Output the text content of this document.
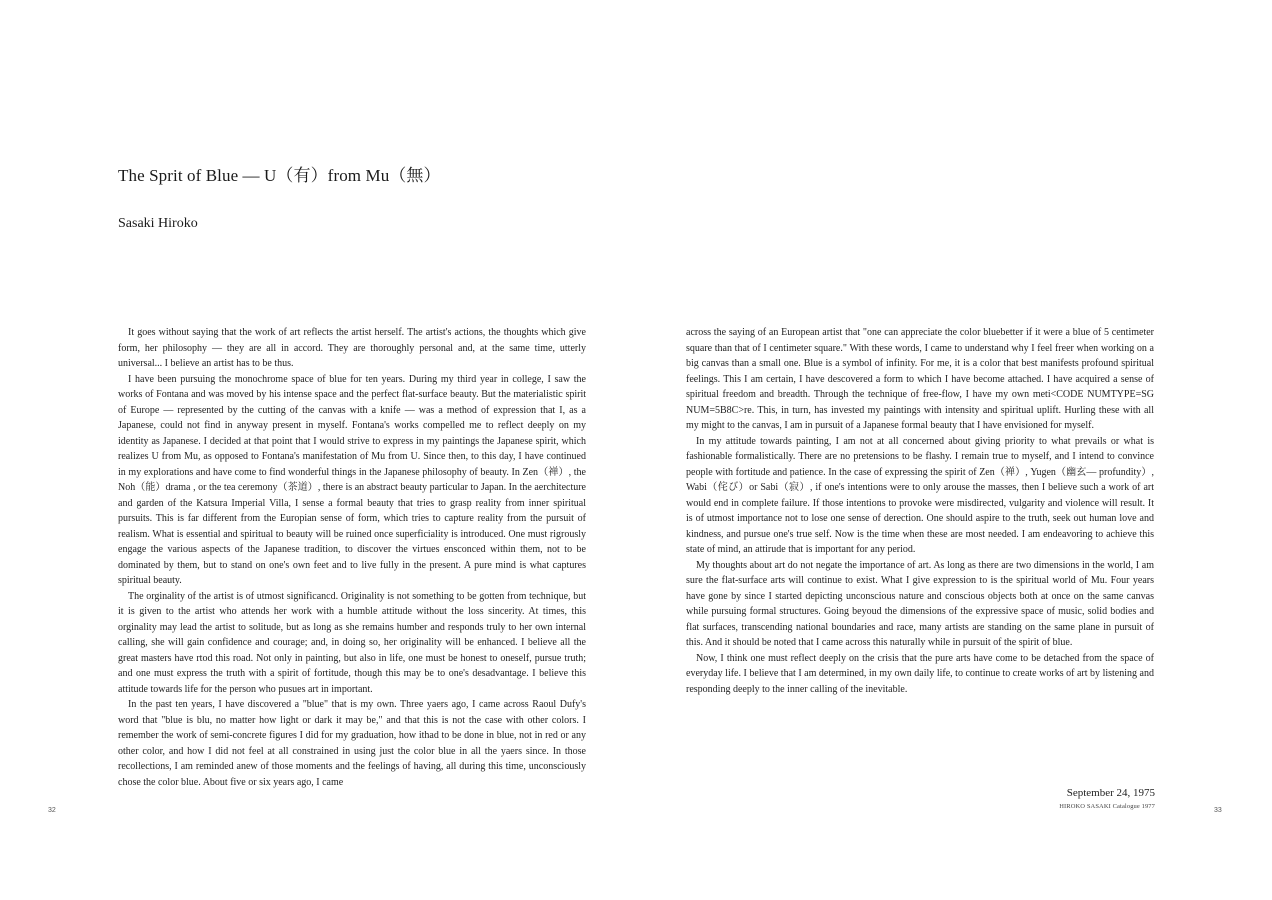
The Sprit of Blue — U（有）from Mu（無）
Sasaki Hiroko

It goes without saying that the work of art reflects the artist herself. The artist's actions, the thoughts which give form, her philosophy — they are all in accord. They are thoroughly personal and, at the same time, utterly universal... I believe an artist has to be thus.

I have been pursuing the monochrome space of blue for ten years. During my third year in college, I saw the works of Fontana and was moved by his intense space and the perfect flat-surface beauty. But the materialistic spirit of Europe — represented by the cutting of the canvas with a knife — was a method of expression that I, as a Japanese, could not find in anyway present in myself. Fontana's works compelled me to reflect deeply on my identity as Japanese. I decided at that point that I would strive to express in my paintings the Japanese spirit, which realizes U from Mu, as opposed to Fontana's manifestation of Mu from U. Since then, to this day, I have continued in my explorations and have come to find wonderful things in the Japanese philosophy of beauty. In Zen（禅）, the Noh（能）drama , or the tea ceremony（茶道）, there is an abstract beauty particular to Japan. In the aerchitecture and garden of the Katsura Imperial Villa, I sense a formal beauty that tries to grasp reality from inner spiritual pursuits. This is far different from the Europian sense of form, which tries to capture reality from the pursuit of realism. What is essential and spiritual to beauty will be ruined once superficiality is introduced. One must rigrously engage the various aspects of the Japanese tradition, to discover the virtues ensconced within them, not to be dominated by them, but to stand on one's own feet and to live fully in the present. A pure mind is what captures spiritual beauty.

The orginality of the artist is of utmost significancd. Originality is not something to be gotten from technique, but it is given to the artist who attends her work with a humble attitude without the loss sincerity. At times, this orginality may lead the artist to solitude, but as long as she remains humber and responds truly to her own internal calling, she will gain confidence and courage; and, in doing so, her originality will be enhanced. I believe all the great masters have rtod this road. Not only in painting, but also in life, one must be honest to oneself, pursue truth; and one must express the truth with a spirit of fortitude, though this may be to one's desadvantage. I believe this attitude towards life for the person who pusues art in important.

In the past ten years, I have discovered a "blue" that is my own. Three yaers ago, I came across Raoul Dufy's word that "blue is blu, no matter how light or dark it may be," and that this is not the case with other colors. I remember the work of semi-concrete figures I did for my graduation, how ithad to be done in blue, not in red or any other color, and how I did not feel at all constrained in using just the color blue in all the yaers since. In those recollections, I am reminded anew of those moments and the feelings of having, all during this time, unconsciously chose the color blue. About five or six years ago, I came

32

across the saying of an European artist that "one can appreciate the color bluebetter if it were a blue of 5 centimeter square than that of I centimeter square." With these words, I came to understand why I feel freer when working on a big canvas than a small one. Blue is a symbol of infinity. For me, it is a color that best manifests profound spiritual feelings. This I am certain, I have descovered a form to which I have become attached. I have acquired a sense of spiritual freedom and breadth. Through the technique of free-flow, I have my own meti<CODE NUMTYPE=SG NUM=5B8C>re. This, in turn, has invested my paintings with intensity and spiritual uplift. Hurling these with all my might to the canvas, I am in pursuit of a Japanese formal beauty that I have envisioned for myself.

In my attitude towards painting, I am not at all concerned about giving priority to what prevails or what is fashionable formalistically. There are no pretensions to be flashy. I remain true to myself, and I intend to convince people with fortitude and patience. In the case of expressing the spirit of Zen（禅）, Yugen（幽玄— profundity）, Wabi（侘び）or Sabi（寂）, if one's intentions were to only arouse the masses, then I believe such a work of art would end in complete failure. If those intentions to provoke were misdirected, vulgarity and violence will result. It is of utmost importance not to lose one sense of derection. One should aspire to the truth, seek out human love and kindness, and pursue one's true self. Now is the time when these are most needed. I am endeavoring to achieve this state of mind, an attirude that is important for any period.

My thoughts about art do not negate the importance of art. As long as there are two dimensions in the world, I am sure the flat-surface arts will continue to exist. What I give expression to is the spiritual world of Mu. Four years have gone by since I started depicting unconscious nature and conscious objects both at once on the same canvas while pursuing formal structures. Going beyoud the dimensions of the expressive space of music, solid bodies and flat surfaces, transcending national boundaries and race, many artists are standing on the same plane in pursuit of this. And it should be noted that I came across this naturally while in pursuit of the spirit of blue.

Now, I think one must reflect deeply on the crisis that the pure arts have come to be detached from the space of everyday life. I believe that I am determined, in my own daily life, to continue to create works of art by listening and responding deeply to the inner calling of the inevitable.

September 24, 1975
HIROKO SASAKI Catalogue 1977
33
